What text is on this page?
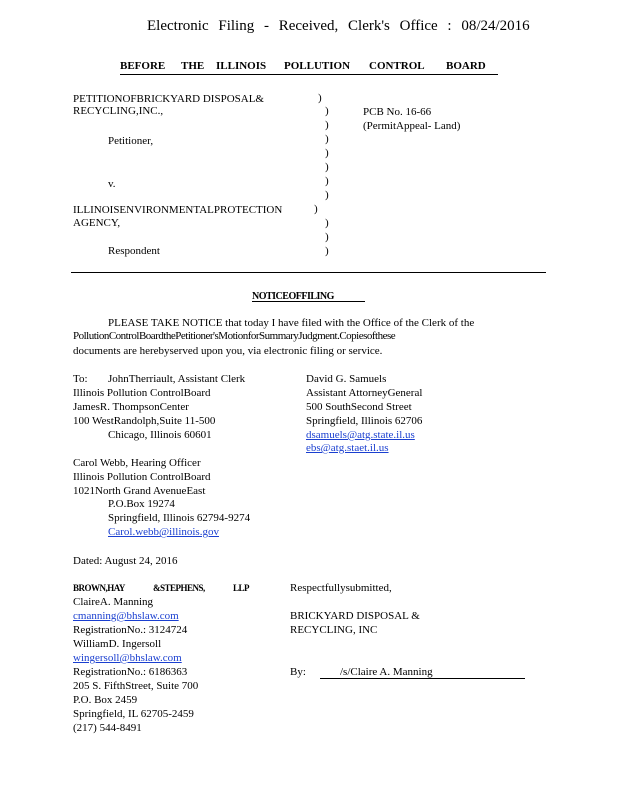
Electronic Filing - Received, Clerk's Office : 08/24/2016
BEFORE THE ILLINOIS POLLUTION CONTROL BOARD
PETITIONOFBRICKYARD DISPOSAL&
RECYCLING,INC.,
Petitioner,
v.
ILLINOISENVIRONMENTALPROTECTION
AGENCY,
Respondent
)
)
)
)
)
)
)
)
)
)
)
)
PCB No. 16-66
(PermitAppeal- Land)
NOTICEOFFILING
PLEASE TAKE NOTICE that today I have filed with the Office of the Clerk of the
PollutionControlBoardthePetitioner'sMotionforSummaryJudgment.Copiesofthese
documents are herebyserved upon you, via electronic filing or service.
To: JohnTherriault, Assistant Clerk
Illinois Pollution ControlBoard
JamesR. ThompsonCenter
100 WestRandolph,Suite 11-500
Chicago, Illinois 60601
David G. Samuels
Assistant AttorneyGeneral
500 SouthSecond Street
Springfield, Illinois 62706
dsamuels@atg.state.il.us
ebs@atg.staet.il.us
Carol Webb, Hearing Officer
Illinois Pollution ControlBoard
1021North Grand AvenueEast
P.O.Box 19274
Springfield, Illinois 62794-9274
Carol.webb@illinois.gov
Dated: August 24, 2016
BROWN,HAY	&STEPHENS,	LLP
ClaireA. Manning
cmanning@bhslaw.com
RegistrationNo.: 3124724
WilliamD. Ingersoll
wingersoll@bhslaw.com
RegistrationNo.: 6186363
205 S. FifthStreet, Suite 700
P.O. Box 2459
Springfield, IL 62705-2459
(217) 544-8491
Respectfullysubmitted,
BRICKYARD DISPOSAL &
RECYCLING, INC
By:	/s/Claire A. Manning
